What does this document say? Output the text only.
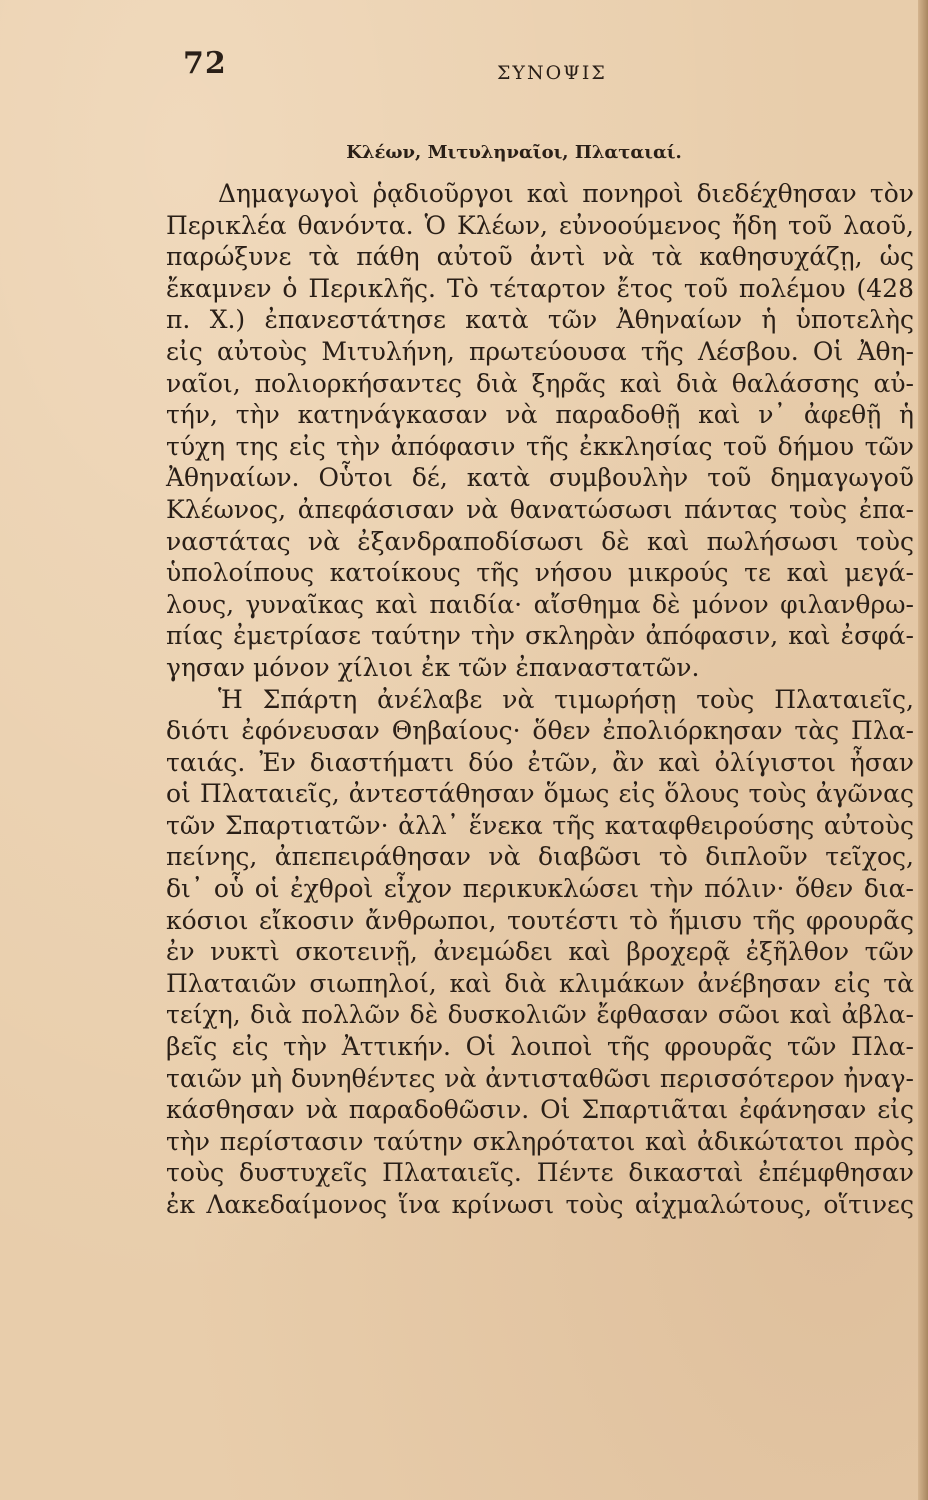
72	ΣΥΝΟΨΙΣ
Κλέων, Μιτυληναῖοι, Πλαταιαί.
Δημαγωγοὶ ῥᾳδιοῦργοι καὶ πονηροὶ διεδέχθησαν τὸν
Περικλέα θανόντα. Ὁ Κλέων, εὐνοούμενος ἤδη τοῦ λαοῦ,
παρώξυνε τὰ πάθη αὐτοῦ ἀντὶ νὰ τὰ καθησυχάζῃ, ὡς
ἔκαμνεν ὁ Περικλῆς. Τὸ τέταρτον ἔτος τοῦ πολέμου (428
π. Χ.) ἐπανεστάτησε κατὰ τῶν Ἀθηναίων ἡ ὑποτελὴς
εἰς αὐτοὺς Μιτυλήνη, πρωτεύουσα τῆς Λέσβου. Οἱ Ἀθη-
ναῖοι, πολιορκήσαντες διὰ ξηρᾶς καὶ διὰ θαλάσσης αὐ-
τήν, τὴν κατηνάγκασαν νὰ παραδοθῇ καὶ ν᾽ ἀφεθῇ ἡ
τύχη της εἰς τὴν ἀπόφασιν τῆς ἐκκλησίας τοῦ δήμου τῶν
Ἀθηναίων. Οὗτοι δέ, κατὰ συμβουλὴν τοῦ δημαγωγοῦ
Κλέωνος, ἀπεφάσισαν νὰ θανατώσωσι πάντας τοὺς ἐπα-
ναστάτας νὰ ἐξανδραποδίσωσι δὲ καὶ πωλήσωσι τοὺς
ὑπολοίπους κατοίκους τῆς νήσου μικρούς τε καὶ μεγά-
λους, γυναῖκας καὶ παιδία· αἴσθημα δὲ μόνον φιλανθρω-
πίας ἐμετρίασε ταύτην τὴν σκληρὰν ἀπόφασιν, καὶ ἐσφά-
γησαν μόνον χίλιοι ἐκ τῶν ἐπαναστατῶν.
Ἡ Σπάρτη ἀνέλαβε νὰ τιμωρήσῃ τοὺς Πλαταιεῖς,
διότι ἐφόνευσαν Θηβαίους· ὅθεν ἐπολιόρκησαν τὰς Πλα-
ταιάς. Ἐν διαστήματι δύο ἐτῶν, ἂν καὶ ὀλίγιστοι ἦσαν
οἱ Πλαταιεῖς, ἀντεστάθησαν ὅμως εἰς ὅλους τοὺς ἀγῶνας
τῶν Σπαρτιατῶν· ἀλλ᾽ ἕνεκα τῆς καταφθειρούσης αὐτοὺς
πείνης, ἀπεπειράθησαν νὰ διαβῶσι τὸ διπλοῦν τεῖχος,
δι᾽ οὗ οἱ ἐχθροὶ εἶχον περικυκλώσει τὴν πόλιν· ὅθεν δια-
κόσιοι εἴκοσιν ἄνθρωποι, τουτέστι τὸ ἥμισυ τῆς φρουρᾶς
ἐν νυκτὶ σκοτεινῇ, ἀνεμώδει καὶ βροχερᾷ ἐξῆλθον τῶν
Πλαταιῶν σιωπηλοί, καὶ διὰ κλιμάκων ἀνέβησαν εἰς τὰ
τείχη, διὰ πολλῶν δὲ δυσκολιῶν ἔφθασαν σῶοι καὶ ἀβλα-
βεῖς εἰς τὴν Ἀττικήν. Οἱ λοιποὶ τῆς φρουρᾶς τῶν Πλα-
ταιῶν μὴ δυνηθέντες νὰ ἀντισταθῶσι περισσότερον ἠναγ-
κάσθησαν νὰ παραδοθῶσιν. Οἱ Σπαρτιᾶται ἐφάνησαν εἰς
τὴν περίστασιν ταύτην σκληρότατοι καὶ ἀδικώτατοι πρὸς
τοὺς δυστυχεῖς Πλαταιεῖς. Πέντε δικασταὶ ἐπέμφθησαν
ἐκ Λακεδαίμονος ἵνα κρίνωσι τοὺς αἰχμαλώτους, οἵτινες
